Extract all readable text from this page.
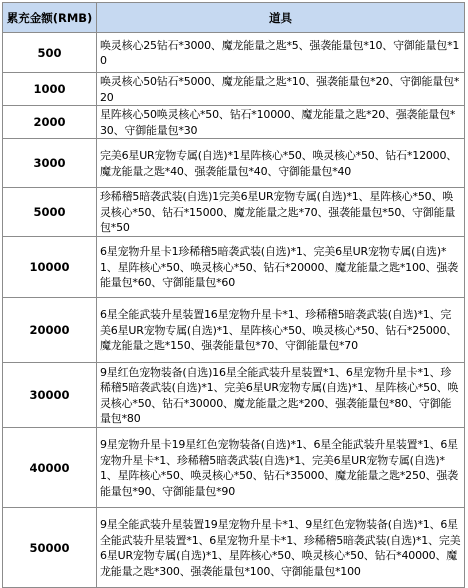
累充金额(RMB)	道具
500	唤灵核心25钻石*3000、魔龙能量之匙*5、强袭能量包*10、守御能量包*10
1000	唤灵核心50钻石*5000、魔龙能量之匙*10、强袭能量包*20、守御能量包*20
2000	星阵核心50唤灵核心*50、钻石*10000、魔龙能量之匙*20、强袭能量包*30、守御能量包*30
3000	完美6星UR宠物专属(自选)*1星阵核心*50、唤灵核心*50、钻石*12000、魔龙能量之匙*40、强袭能量包*40、守御能量包*40
5000	珍稀稽5暗袭武装(自选)1完美6星UR宠物专属(自选)*1、星阵核心*50、唤灵核心*50、钻石*15000、魔龙能量之匙*70、强袭能量包*50、守御能量包*50
10000	6星宠物升星卡1珍稀稽5暗袭武装(自选)*1、完美6星UR宠物专属(自选)*1、星阵核心*50、唤灵核心*50、钻石*20000、魔龙能量之匙*100、强袭能量包*60、守御能量包*60
20000	6星全能武装升星装置16星宠物升星卡*1、珍稀稽5暗袭武装(自选)*1、完美6星UR宠物专属(自选)*1、星阵核心*50、唤灵核心*50、钻石*25000、魔龙能量之匙*150、强袭能量包*70、守御能量包*70
30000	9星红色宠物装备(自选)16星全能武装升星装置*1、6星宠物升星卡*1、珍稀稽5暗袭武装(自选)*1、完美6星UR宠物专属(自选)*1、星阵核心*50、唤灵核心*50、钻石*30000、魔龙能量之匙*200、强袭能量包*80、守御能量包*80
40000	9星宠物升星卡19星红色宠物装备(自选)*1、6星全能武装升星装置*1、6星宠物升星卡*1、珍稀稽5暗袭武装(自选)*1、完美6星UR宠物专属(自选)*1、星阵核心*50、唤灵核心*50、钻石*35000、魔龙能量之匙*250、强袭能量包*90、守御能量包*90
50000	9星全能武装升星装置19星宠物升星卡*1、9星红色宠物装备(自选)*1、6星全能武装升星装置*1、6星宠物升星卡*1、珍稀稽5暗袭武装(自选)*1、完美6星UR宠物专属(自选)*1、星阵核心*50、唤灵核心*50、钻石*40000、魔龙能量之匙*300、强袭能量包*100、守御能量包*100
